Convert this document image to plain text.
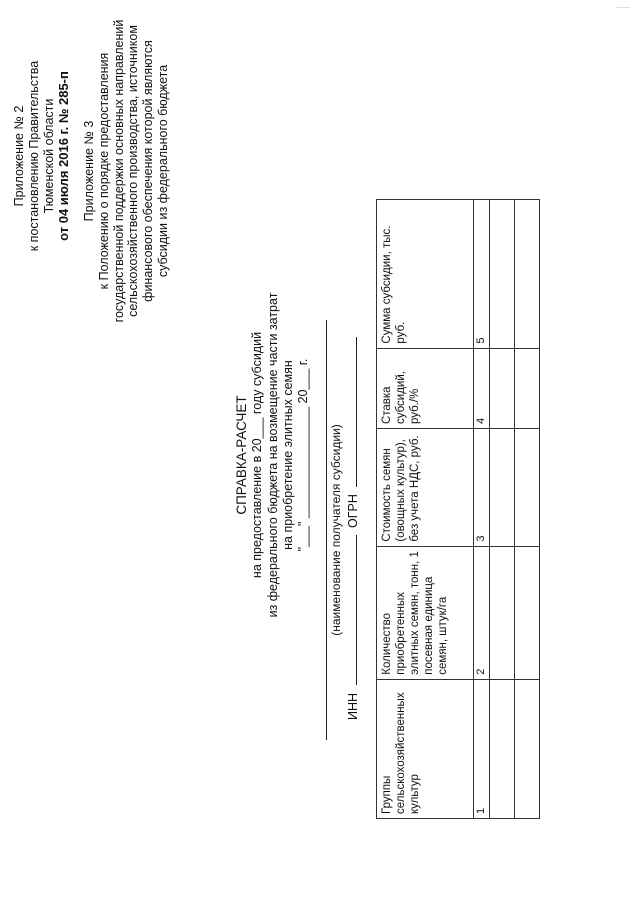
____
Приложение № 2 к постановлению Правительства Тюменской области от 04 июля 2016 г. № 285-п Приложение № 3 к Положению о порядке предоставления государственной поддержки основных направлений сельскохозяйственного производства, источником финансового обеспечения которой являются субсидии из федерального бюджета
СПРАВКА-РАСЧЕТ на предоставление в 20___ году субсидий из федерального бюджета на возмещение части затрат на приобретение элитных семян "___" ________________ 20___ г. (наименование получателя субсидии)
ИНН  ОГРН
Группы сельскохозяйственных культур	Количество приобретенных элитных семян, тонн, 1 посевная единица семян, штук/га	Стоимость семян (овощных культур), без учета НДС, руб.	Ставка субсидий, руб./%	Сумма субсидии, тыс. руб.
1	2	3	4	5
